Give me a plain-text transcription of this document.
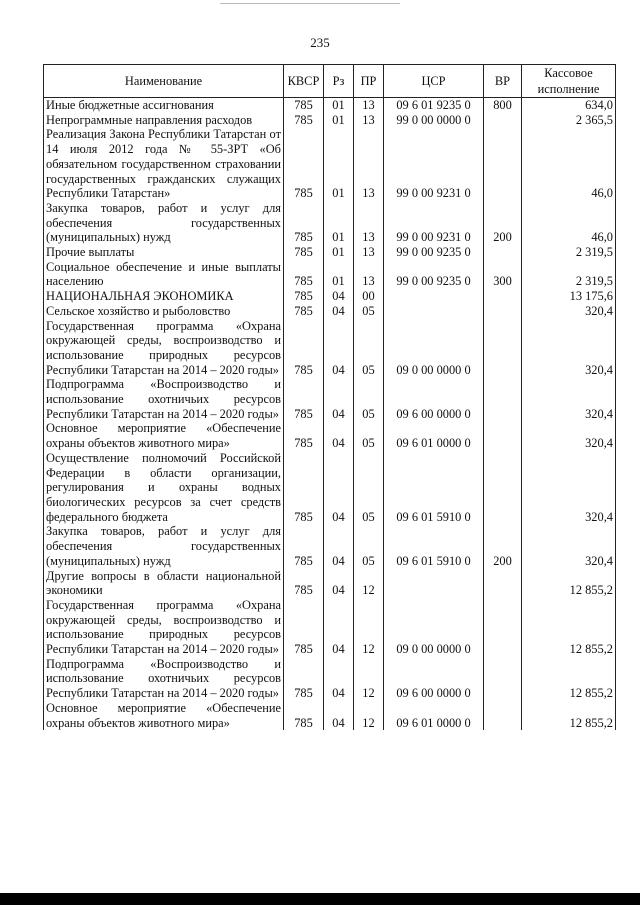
235
Наименование	КВСР	Рз	ПР	ЦСР	ВР	Кассовое исполнение
Иные бюджетные ассигнования	785	01	13	09 6 01 9235 0	800	634,0
Непрограммные направления расходов	785	01	13	99 0 00 0000 0		2 365,5
Реализация Закона Республики Татарстан от 14 июля 2012 года № 55-ЗРТ «Об обязательном государственном страховании государственных гражданских служащих Республики Татарстан»	785	01	13	99 0 00 9231 0		46,0
Закупка товаров, работ и услуг для обеспечения государственных (муниципальных) нужд	785	01	13	99 0 00 9231 0	200	46,0
Прочие выплаты	785	01	13	99 0 00 9235 0		2 319,5
Социальное обеспечение и иные выплаты населению	785	01	13	99 0 00 9235 0	300	2 319,5
НАЦИОНАЛЬНАЯ ЭКОНОМИКА	785	04	00			13 175,6
Сельское хозяйство и рыболовство	785	04	05			320,4
Государственная программа «Охрана окружающей среды, воспроизводство и использование природных ресурсов Республики Татарстан на 2014 – 2020 годы»	785	04	05	09 0 00 0000 0		320,4
Подпрограмма «Воспроизводство и использование охотничьих ресурсов Республики Татарстан на 2014 – 2020 годы»	785	04	05	09 6 00 0000 0		320,4
Основное мероприятие «Обеспечение охраны объектов животного мира»	785	04	05	09 6 01 0000 0		320,4
Осуществление полномочий Российской Федерации в области организации, регулирования и охраны водных биологических ресурсов за счет средств федерального бюджета	785	04	05	09 6 01 5910 0		320,4
Закупка товаров, работ и услуг для обеспечения государственных (муниципальных) нужд	785	04	05	09 6 01 5910 0	200	320,4
Другие вопросы в области национальной экономики	785	04	12			12 855,2
Государственная программа «Охрана окружающей среды, воспроизводство и использование природных ресурсов Республики Татарстан на 2014 – 2020 годы»	785	04	12	09 0 00 0000 0		12 855,2
Подпрограмма «Воспроизводство и использование охотничьих ресурсов Республики Татарстан на 2014 – 2020 годы»	785	04	12	09 6 00 0000 0		12 855,2
Основное мероприятие «Обеспечение охраны объектов животного мира»	785	04	12	09 6 01 0000 0		12 855,2
